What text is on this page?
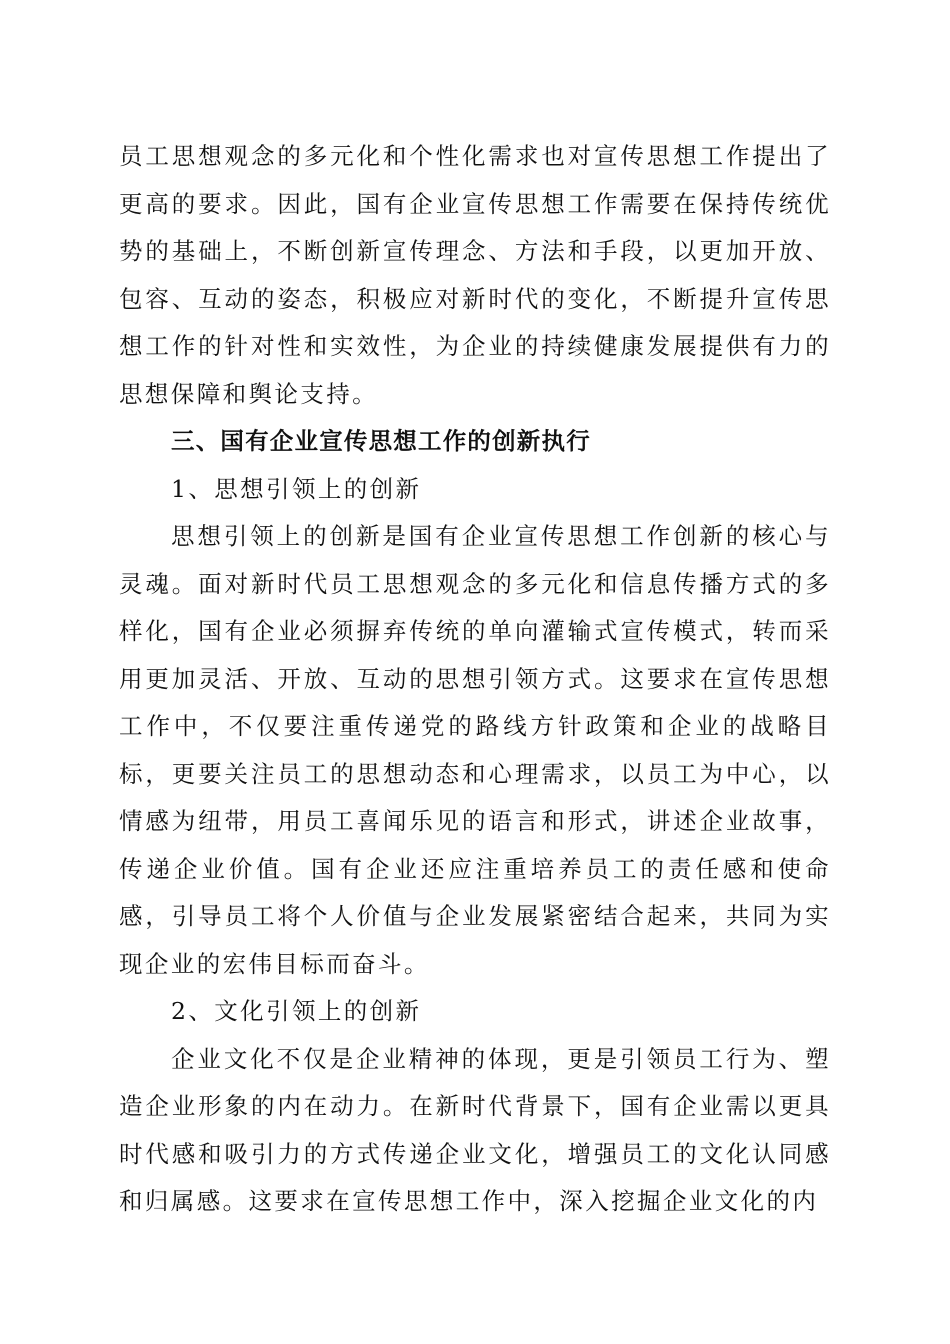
员工思想观念的多元化和个性化需求也对宣传思想工作提出了更高的要求。因此，国有企业宣传思想工作需要在保持传统优势的基础上，不断创新宣传理念、方法和手段，以更加开放、包容、互动的姿态，积极应对新时代的变化，不断提升宣传思想工作的针对性和实效性，为企业的持续健康发展提供有力的思想保障和舆论支持。

三、国有企业宣传思想工作的创新执行

1、思想引领上的创新

思想引领上的创新是国有企业宣传思想工作创新的核心与灵魂。面对新时代员工思想观念的多元化和信息传播方式的多样化，国有企业必须摒弃传统的单向灌输式宣传模式，转而采用更加灵活、开放、互动的思想引领方式。这要求在宣传思想工作中，不仅要注重传递党的路线方针政策和企业的战略目标，更要关注员工的思想动态和心理需求，以员工为中心，以情感为纽带，用员工喜闻乐见的语言和形式，讲述企业故事，传递企业价值。国有企业还应注重培养员工的责任感和使命感，引导员工将个人价值与企业发展紧密结合起来，共同为实现企业的宏伟目标而奋斗。

2、文化引领上的创新

企业文化不仅是企业精神的体现，更是引领员工行为、塑造企业形象的内在动力。在新时代背景下，国有企业需以更具时代感和吸引力的方式传递企业文化，增强员工的文化认同感和归属感。这要求在宣传思想工作中，深入挖掘企业文化的内
